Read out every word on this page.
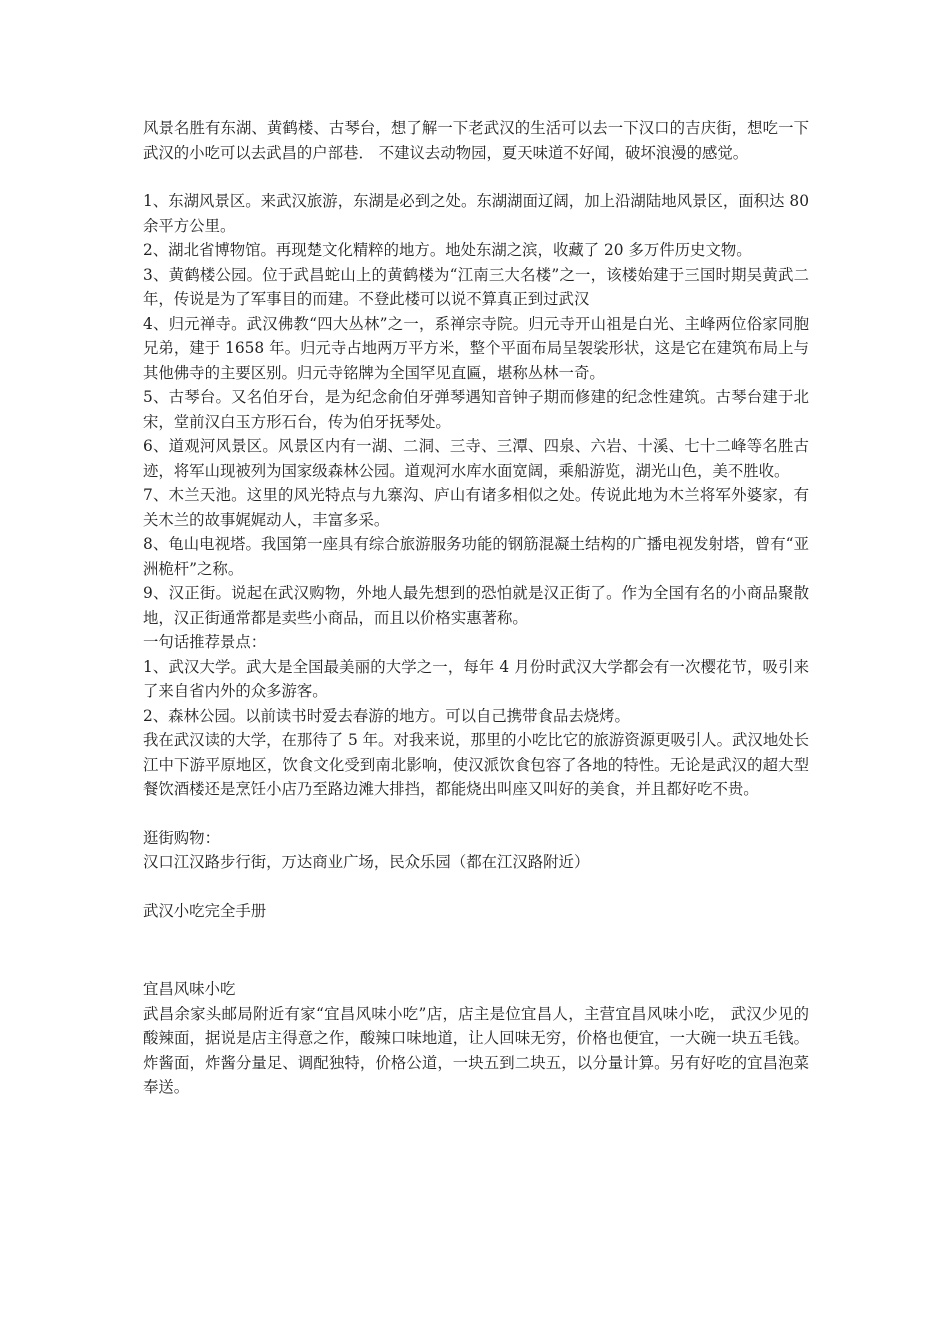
风景名胜有东湖、黄鹤楼、古琴台，想了解一下老武汉的生活可以去一下汉口的吉庆街，想吃一下武汉的小吃可以去武昌的户部巷． 不建议去动物园，夏天味道不好闻，破坏浪漫的感觉。

1、东湖风景区。来武汉旅游，东湖是必到之处。东湖湖面辽阔，加上沿湖陆地风景区，面积达 80 余平方公里。

2、湖北省博物馆。再现楚文化精粹的地方。地处东湖之滨，收藏了 20 多万件历史文物。

3、黄鹤楼公园。位于武昌蛇山上的黄鹤楼为“江南三大名楼”之一，该楼始建于三国时期吴黄武二年，传说是为了军事目的而建。不登此楼可以说不算真正到过武汉

4、归元禅寺。武汉佛教“四大丛林”之一，系禅宗寺院。归元寺开山祖是白光、主峰两位俗家同胞兄弟，建于 1658 年。归元寺占地两万平方米，整个平面布局呈袈裟形状，这是它在建筑布局上与其他佛寺的主要区别。归元寺铭牌为全国罕见直匾，堪称丛林一奇。

5、古琴台。又名伯牙台，是为纪念俞伯牙弹琴遇知音钟子期而修建的纪念性建筑。古琴台建于北宋，堂前汉白玉方形石台，传为伯牙抚琴处。

6、道观河风景区。风景区内有一湖、二洞、三寺、三潭、四泉、六岩、十溪、七十二峰等名胜古迹，将军山现被列为国家级森林公园。道观河水库水面宽阔，乘船游览，湖光山色，美不胜收。

7、木兰天池。这里的风光特点与九寨沟、庐山有诸多相似之处。传说此地为木兰将军外婆家，有关木兰的故事娓娓动人，丰富多采。

8、龟山电视塔。我国第一座具有综合旅游服务功能的钢筋混凝土结构的广播电视发射塔，曾有“亚洲桅杆”之称。

9、汉正街。说起在武汉购物，外地人最先想到的恐怕就是汉正街了。作为全国有名的小商品聚散地，汉正街通常都是卖些小商品，而且以价格实惠著称。

一句话推荐景点：

1、武汉大学。武大是全国最美丽的大学之一，每年 4 月份时武汉大学都会有一次樱花节，吸引来了来自省内外的众多游客。

2、森林公园。以前读书时爱去春游的地方。可以自己携带食品去烧烤。

我在武汉读的大学，在那待了 5 年。对我来说，那里的小吃比它的旅游资源更吸引人。武汉地处长江中下游平原地区，饮食文化受到南北影响，使汉派饮食包容了各地的特性。无论是武汉的超大型餐饮酒楼还是烹饪小店乃至路边滩大排挡，都能烧出叫座又叫好的美食，并且都好吃不贵。

逛街购物：

汉口江汉路步行街，万达商业广场，民众乐园（都在江汉路附近）

武汉小吃完全手册

宜昌风味小吃

武昌余家头邮局附近有家“宜昌风味小吃”店，店主是位宜昌人，主营宜昌风味小吃， 武汉少见的酸辣面，据说是店主得意之作，酸辣口味地道，让人回味无穷，价格也便宜，一大碗一块五毛钱。炸酱面，炸酱分量足、调配独特，价格公道，一块五到二块五，以分量计算。另有好吃的宜昌泡菜奉送。
